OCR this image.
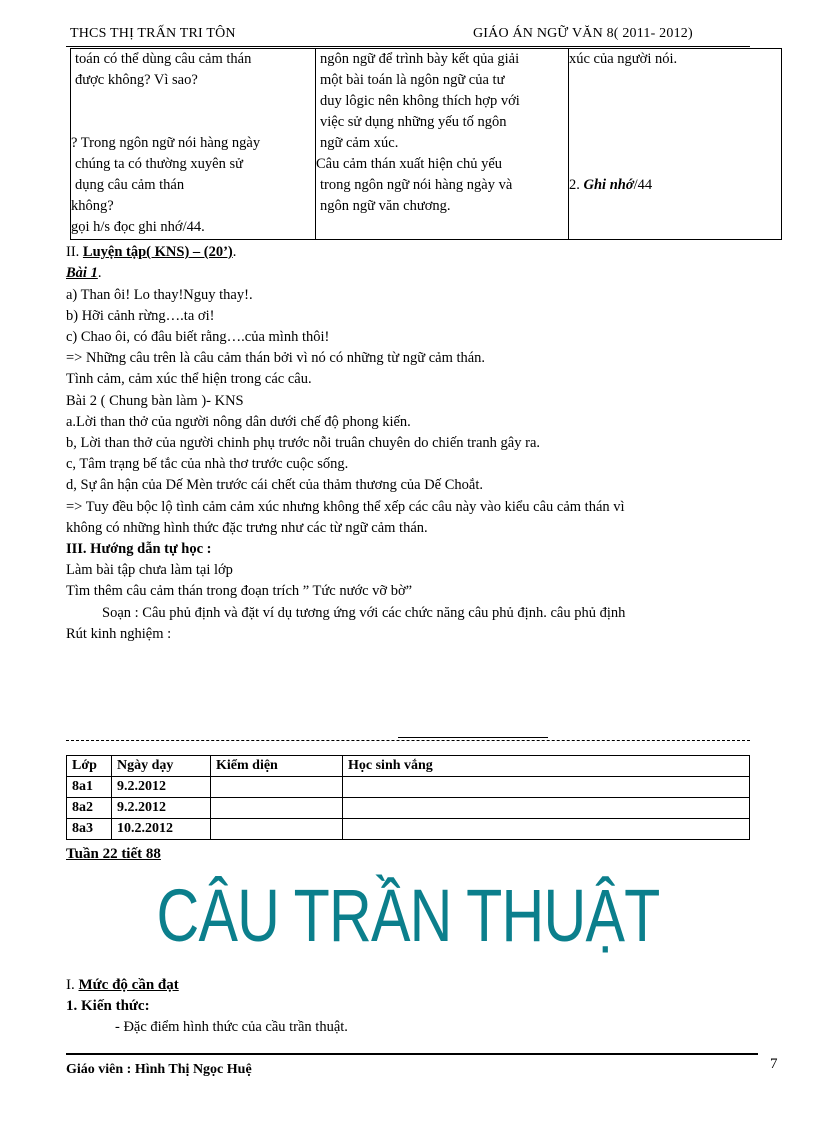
THCS THỊ TRẤN TRI TÔN	GIÁO ÁN NGỮ VĂN 8( 2011- 2012)
toán có thể dùng câu cảm thán
được không? Vì sao?
? Trong ngôn ngữ nói hàng ngày
chúng ta có thường xuyên sử
dụng câu cảm thán
không?
gọi h/s đọc ghi nhớ/44.

ngôn ngữ để trình bày kết qủa giải
một bài toán là ngôn ngữ của tư
duy lôgic nên không thích hợp với
việc sử dụng những yếu tố ngôn
ngữ cảm xúc.
Câu cảm thán xuất hiện chủ yếu
trong ngôn ngữ nói hàng ngày và
ngôn ngữ văn chương.

xúc của người nói.
2. Ghi nhớ/44
II. Luyện tập( KNS) – (20’).
Bài 1.
a) Than ôi! Lo thay!Nguy thay!.
b) Hỡi cảnh rừng….ta ơi!
c) Chao ôi, có đâu biết rằng….của mình thôi!
=> Những câu trên là câu cảm thán bởi vì nó có những từ ngữ cảm thán.
Tình cảm, cảm xúc thể hiện trong các câu.
Bài 2 ( Chung bàn làm )- KNS
a.Lời than thở của người nông dân dưới chế độ phong kiến.
b, Lời than thở của người chinh phụ trước nỗi truân chuyên do chiến tranh gây ra.
c, Tâm trạng bế tắc của nhà thơ trước cuộc sống.
d, Sự ân hận của Dế Mèn trước cái chết của thảm thương của Dế Choắt.
=> Tuy đều bộc lộ tình cảm cảm xúc nhưng không thể xếp các câu này vào kiểu câu cảm thán vì
không có những hình thức đặc trưng như các từ ngữ cảm thán.
III. Hướng dẫn tự học :
Làm bài tập chưa làm tại lớp
Tìm thêm câu cảm thán trong đoạn trích ” Tức nước vỡ bờ”
Soạn : Câu phủ định và đặt ví dụ tương ứng với các chức năng câu phủ định. câu phủ định
Rút kinh nghiệm :
Lớp	Ngày dạy	Kiểm diện	Học sinh vắng
8a1	9.2.2012		
8a2	9.2.2012		
8a3	10.2.2012		
Tuần 22 tiết 88
CÂU TRẦN THUẬT
I. Mức độ cần đạt
1. Kiến thức:
- Đặc điểm hình thức của cầu trần thuật.
Giáo viên : Hình Thị Ngọc Huệ	7
